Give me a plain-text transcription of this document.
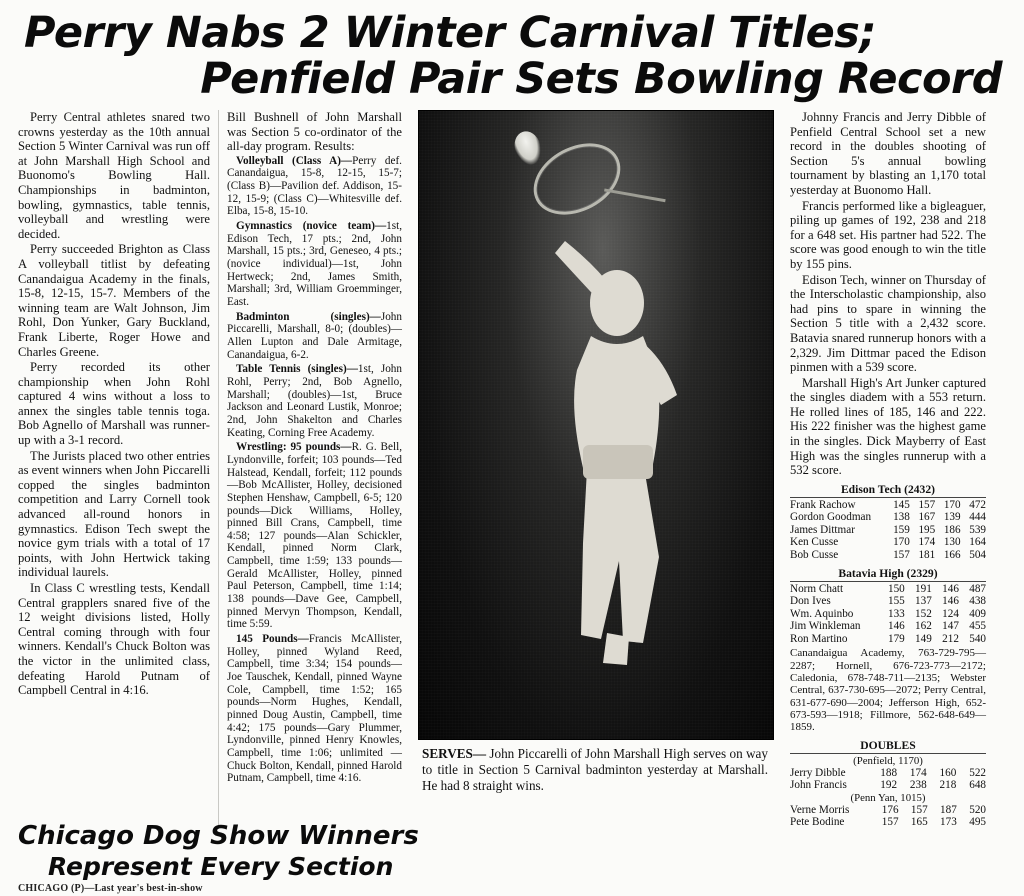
Perry Nabs 2 Winter Carnival Titles;
Penfield Pair Sets Bowling Record

Perry Central athletes snared two crowns yesterday as the 10th annual Section 5 Winter Carnival was run off at John Marshall High School and Buonomo's Bowling Hall. Championships in badminton, bowling, gymnastics, table tennis, volleyball and wrestling were decided.

Perry succeeded Brighton as Class A volleyball titlist by defeating Canandaigua Academy in the finals, 15-8, 12-15, 15-7. Members of the winning team are Walt Johnson, Jim Rohl, Don Yunker, Gary Buckland, Frank Liberte, Roger Howe and Charles Greene.

Perry recorded its other championship when John Rohl captured 4 wins without a loss to annex the singles table tennis toga. Bob Agnello of Marshall was runner-up with a 3-1 record.

The Jurists placed two other entries as event winners when John Piccarelli copped the singles badminton competition and Larry Cornell took advanced all-round honors in gymnastics. Edison Tech swept the novice gym trials with a total of 17 points, with John Hertwick taking individual laurels.

In Class C wrestling tests, Kendall Central grapplers snared five of the 12 weight divisions listed, Holly Central coming through with four winners. Kendall's Chuck Bolton was the victor in the unlimited class, defeating Harold Putnam of Campbell Central in 4:16.

Bill Bushnell of John Marshall was Section 5 co-ordinator of the all-day program. Results:

Volleyball (Class A)—Perry def. Canandaigua, 15-8, 12-15, 15-7; (Class B)—Pavilion def. Addison, 15-12, 15-9; (Class C)—Whitesville def. Elba, 15-8, 15-10.

Gymnastics (novice team)—1st, Edison Tech, 17 pts.; 2nd, John Marshall, 15 pts.; 3rd, Geneseo, 4 pts.; (novice individual)—1st, John Hertweck; 2nd, James Smith, Marshall; 3rd, William Groemminger, East.

Badminton (singles)—John Piccarelli, Marshall, 8-0; (doubles)— Allen Lupton and Dale Armitage, Canandaigua, 6-2.

Table Tennis (singles)—1st, John Rohl, Perry; 2nd, Bob Agnello, Marshall; (doubles)—1st, Bruce Jackson and Leonard Lustik, Monroe; 2nd, John Shakelton and Charles Keating, Corning Free Academy.

Wrestling: 95 pounds—R. G. Bell, Lyndonville, forfeit; 103 pounds—Ted Halstead, Kendall, forfeit; 112 pounds—Bob McAllister, Holley, decisioned Stephen Henshaw, Campbell, 6-5; 120 pounds—Dick Williams, Holley, pinned Bill Crans, Campbell, time 4:58; 127 pounds—Alan Schickler, Kendall, pinned Norm Clark, Campbell, time 1:59; 133 pounds—Gerald McAllister, Holley, pinned Paul Peterson, Campbell, time 1:14; 138 pounds—Dave Gee, Campbell, pinned Mervyn Thompson, Kendall, time 5:59.

145 Pounds—Francis McAllister, Holley, pinned Wyland Reed, Campbell, time 3:34; 154 pounds—Joe Tauschek, Kendall, pinned Wayne Cole, Campbell, time 1:52; 165 pounds—Norm Hughes, Kendall, pinned Doug Austin, Campbell, time 4:42; 175 pounds—Gary Plummer, Lyndonville, pinned Henry Knowles, Campbell, time 1:06; unlimited —Chuck Bolton, Kendall, pinned Harold Putnam, Campbell, time 4:16.

SERVES— John Piccarelli of John Marshall High serves on way to title in Section 5 Carnival badminton yesterday at Marshall. He had 8 straight wins.

Johnny Francis and Jerry Dibble of Penfield Central School set a new record in the doubles shooting of Section 5's annual bowling tournament by blasting an 1,170 total yesterday at Buonomo Hall.

Francis performed like a bigleaguer, piling up games of 192, 238 and 218 for a 648 set. His partner had 522. The score was good enough to win the title by 155 pins.

Edison Tech, winner on Thursday of the Interscholastic championship, also had pins to spare in winning the Section 5 title with a 2,432 score. Batavia snared runnerup honors with a 2,329. Jim Dittmar paced the Edison pinmen with a 539 score.

Marshall High's Art Junker captured the singles diadem with a 553 return. He rolled lines of 185, 146 and 222. His 222 finisher was the highest game in the singles. Dick Mayberry of East High was the singles runnerup with a 532 score.

Edison Tech (2432)
Frank Rachow	145	157	170	472
Gordon Goodman	138	167	139	444
James Dittmar	159	195	186	539
Ken Cusse	170	174	130	164
Bob Cusse	157	181	166	504
Batavia High (2329)
Norm Chatt	150	191	146	487
Don Ives	155	137	146	438
Wm. Aquinbo	133	152	124	409
Jim Winkleman	146	162	147	455
Ron Martino	179	149	212	540
Canandaigua Academy, 763-729-795—2287; Hornell, 676-723-773—2172; Caledonia, 678-748-711—2135; Webster Central, 637-730-695—2072; Perry Central, 631-677-690—2004; Jefferson High, 652-673-593—1918; Fillmore, 562-648-649—1859.
DOUBLES
(Penfield, 1170)
Jerry Dibble	188	174	160	522
John Francis	192	238	218	648
(Penn Yan, 1015)
Verne Morris	176	157	187	520
Pete Bodine	157	165	173	495
Chicago Dog Show Winners
Represent Every Section
CHICAGO (P)—Last year's best-in-show
